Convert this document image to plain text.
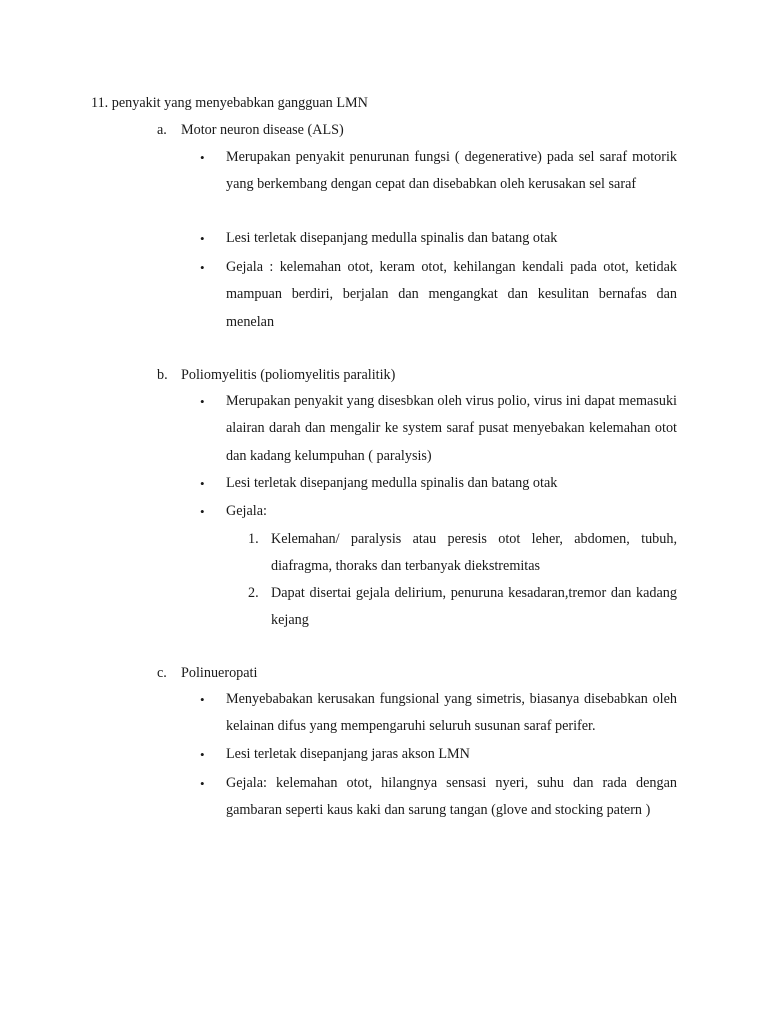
11. penyakit yang menyebabkan gangguan LMN
a. Motor neuron disease (ALS)
•	Merupakan penyakit penurunan fungsi ( degenerative) pada sel saraf motorik yang berkembang dengan cepat dan disebabkan oleh kerusakan sel saraf
•	Lesi terletak disepanjang medulla spinalis dan batang otak
•	Gejala : kelemahan otot, keram otot, kehilangan kendali pada otot, ketidak mampuan berdiri, berjalan dan mengangkat dan kesulitan bernafas dan menelan
b. Poliomyelitis (poliomyelitis paralitik)
•	Merupakan penyakit yang disesbkan oleh virus polio, virus ini dapat memasuki alairan darah dan mengalir ke system saraf pusat menyebakan kelemahan otot dan kadang kelumpuhan ( paralysis)
•	Lesi terletak disepanjang medulla spinalis dan batang otak
•	Gejala:
1. Kelemahan/ paralysis atau peresis otot leher, abdomen, tubuh, diafragma, thoraks dan terbanyak diekstremitas
2. Dapat disertai gejala delirium, penuruna kesadaran,tremor dan kadang kejang
c. Polinueropati
•	Menyebabakan kerusakan fungsional yang simetris, biasanya disebabkan oleh kelainan difus yang mempengaruhi seluruh susunan saraf perifer.
•	Lesi terletak disepanjang jaras akson LMN
•	Gejala: kelemahan otot, hilangnya sensasi nyeri, suhu dan rada dengan gambaran seperti kaus kaki dan sarung tangan (glove and stocking patern )
